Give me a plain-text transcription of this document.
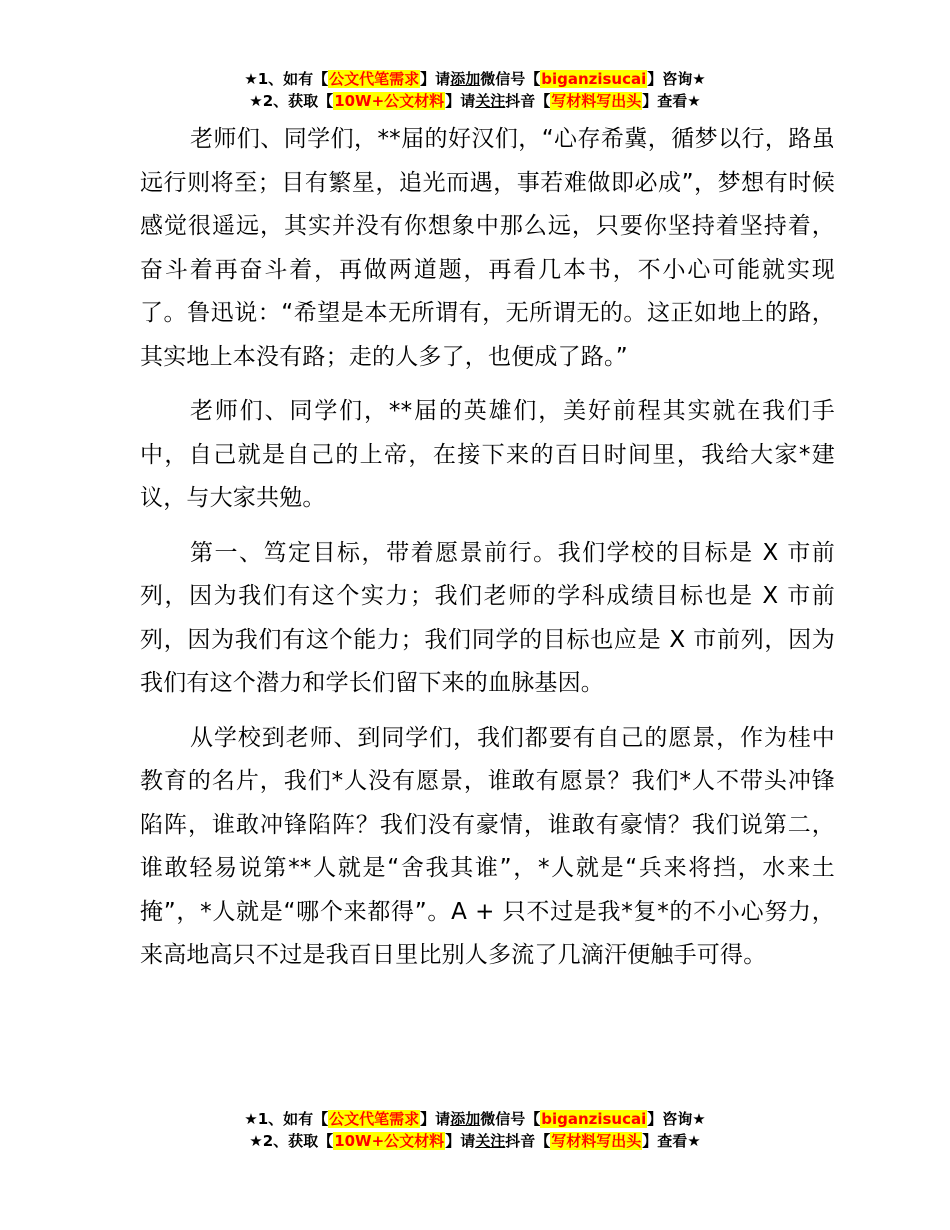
★1、如有【公文代笔需求】请添加微信号【biganzisucai】咨询★
★2、获取【10W+公文材料】请关注抖音【写材料写出头】查看★

老师们、同学们，**届的好汉们，“心存希冀，循梦以行，路虽远行则将至；目有繁星，追光而遇，事若难做即必成”，梦想有时候感觉很遥远，其实并没有你想象中那么远，只要你坚持着坚持着，奋斗着再奋斗着，再做两道题，再看几本书，不小心可能就实现了。鲁迅说：“希望是本无所谓有，无所谓无的。这正如地上的路，其实地上本没有路；走的人多了，也便成了路。”

老师们、同学们，**届的英雄们，美好前程其实就在我们手中，自己就是自己的上帝，在接下来的百日时间里，我给大家*建议，与大家共勉。

第一、笃定目标，带着愿景前行。我们学校的目标是 X 市前列，因为我们有这个实力；我们老师的学科成绩目标也是 X 市前列，因为我们有这个能力；我们同学的目标也应是 X 市前列，因为我们有这个潜力和学长们留下来的血脉基因。

从学校到老师、到同学们，我们都要有自己的愿景，作为桂中教育的名片，我们*人没有愿景，谁敢有愿景？我们*人不带头冲锋陷阵，谁敢冲锋陷阵？我们没有豪情，谁敢有豪情？我们说第二，谁敢轻易说第**人就是“舍我其谁”，*人就是“兵来将挡，水来土掩”，*人就是“哪个来都得”。A + 只不过是我*复*的不小心努力，来高地高只不过是我百日里比别人多流了几滴汗便触手可得。

★1、如有【公文代笔需求】请添加微信号【biganzisucai】咨询★
★2、获取【10W+公文材料】请关注抖音【写材料写出头】查看★
